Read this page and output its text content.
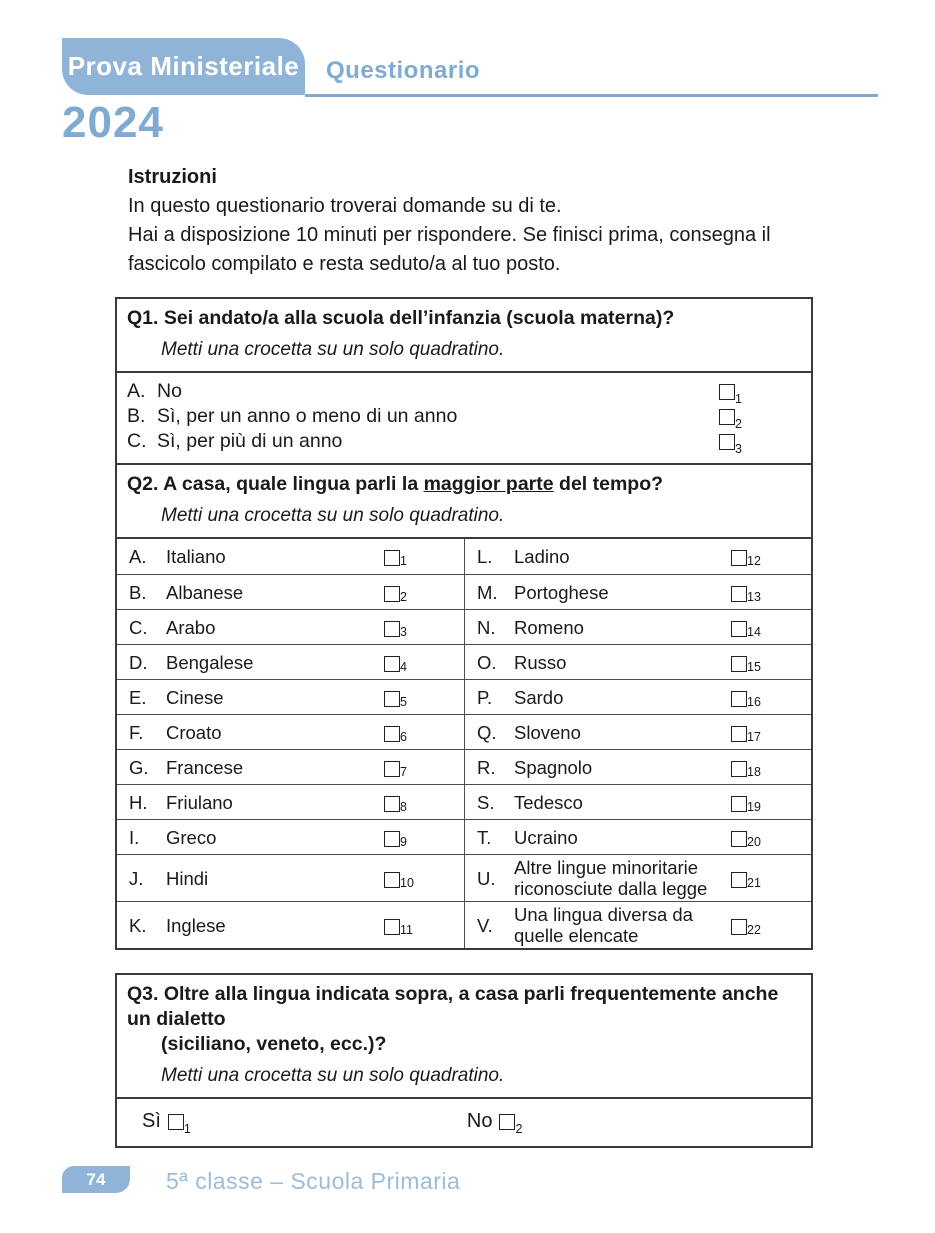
Prova Ministeriale Questionario
2024
Istruzioni
In questo questionario troverai domande su di te.
Hai a disposizione 10 minuti per rispondere. Se finisci prima, consegna il fascicolo compilato e resta seduto/a al tuo posto.
Q1. Sei andato/a alla scuola dell’infanzia (scuola materna)?
Metti una crocetta su un solo quadratino.
A. No	1
B. Sì, per un anno o meno di un anno	2
C. Sì, per più di un anno	3
Q2. A casa, quale lingua parli la maggior parte del tempo?
Metti una crocetta su un solo quadratino.
A.	Italiano	1	L.	Ladino	12
B.	Albanese	2	M. Portoghese	13
C.	Arabo	3	N.	Romeno	14
D.	Bengalese	4	O. Russo	15
E.	Cinese	5	P.	Sardo	16
F.	Croato	6	Q. Sloveno	17
G. Francese	7	R.	Spagnolo	18
H.	Friulano	8	S.	Tedesco	19
I.	Greco	9	T.	Ucraino	20
J.	Hindi	10	U.	Altre lingue minoritarie riconosciute dalla legge	21
K.	Inglese	11	V.	Una lingua diversa da quelle elencate	22
Q3. Oltre alla lingua indicata sopra, a casa parli frequentemente anche un dialetto
(siciliano, veneto, ecc.)?
Metti una crocetta su un solo quadratino.
Sì 1	No 2
74	5ª classe – Scuola Primaria
